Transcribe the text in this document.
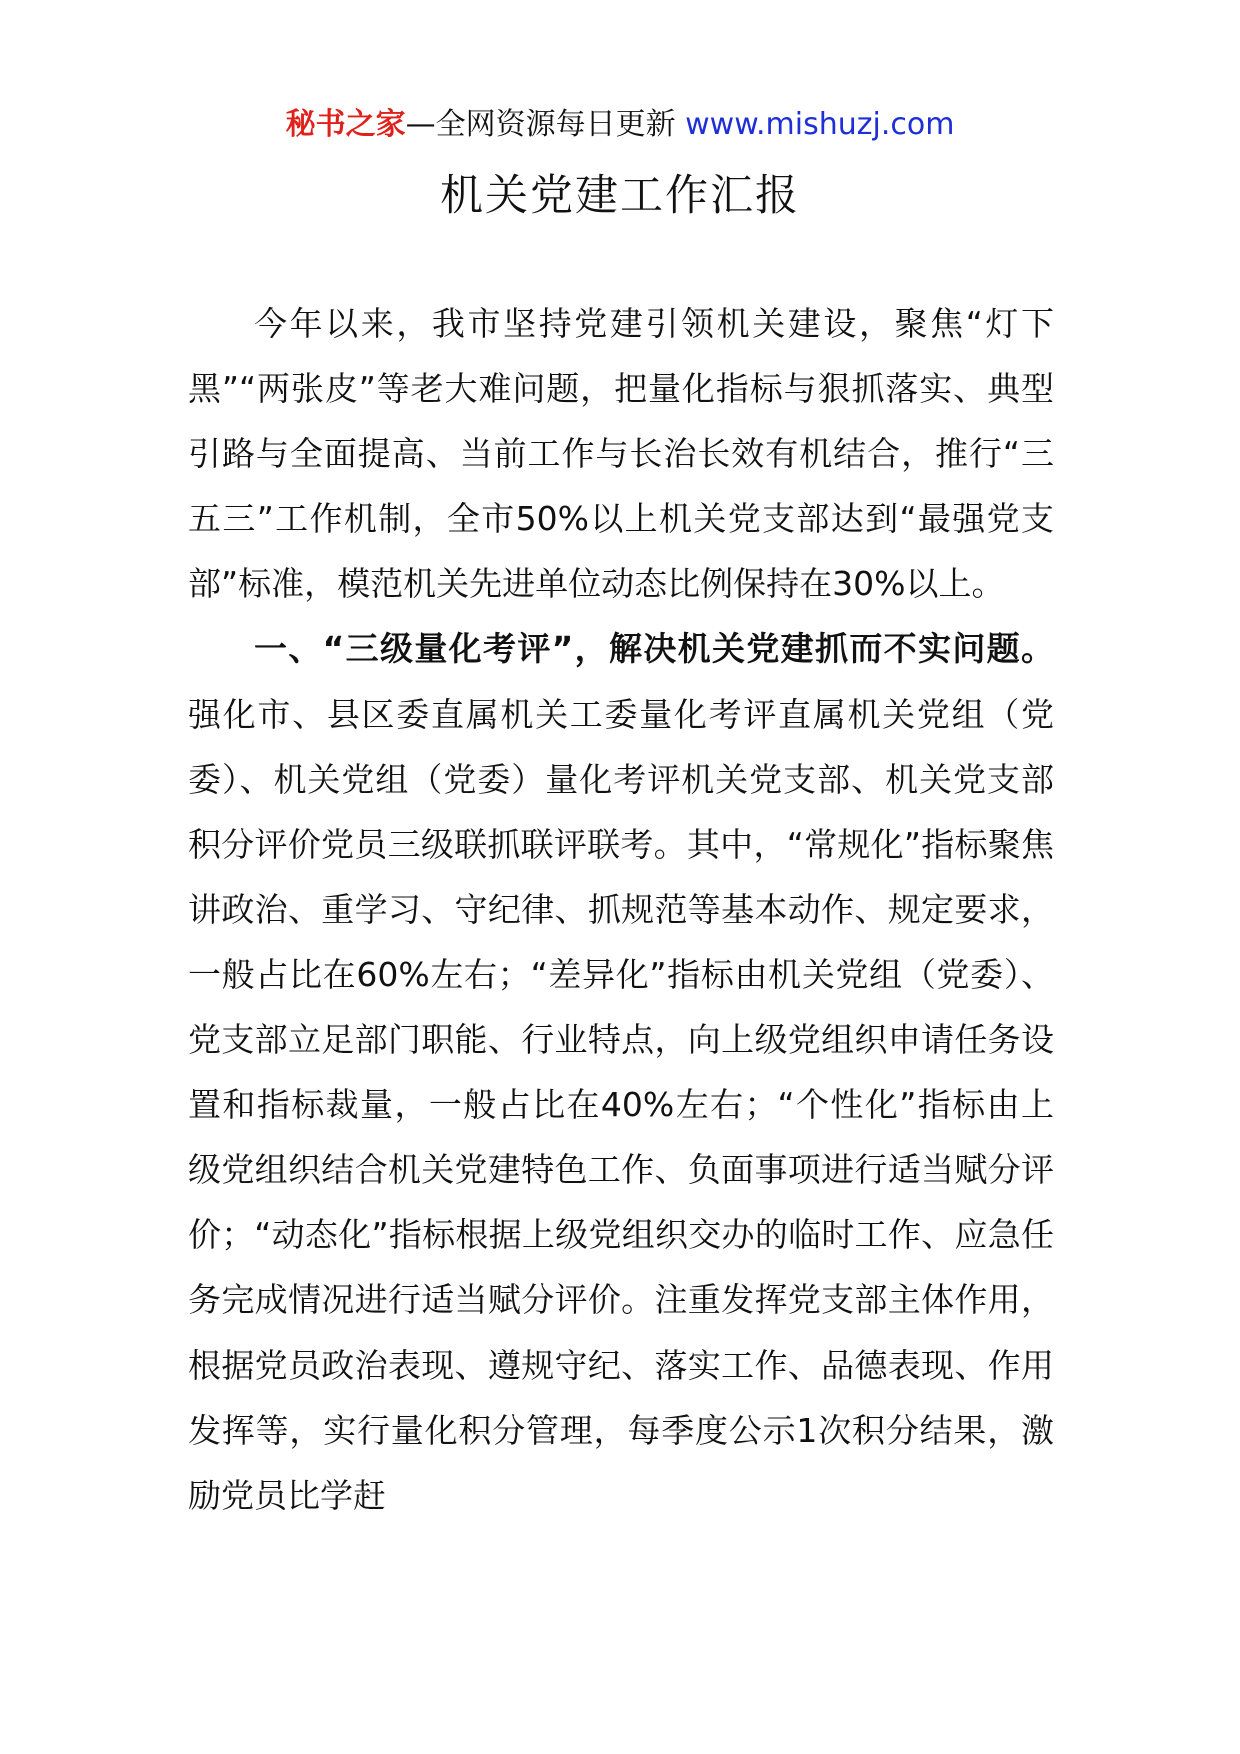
秘书之家—全网资源每日更新 www.mishuzj.com
机关党建工作汇报

今年以来，我市坚持党建引领机关建设，聚焦“灯下黑”“两张皮”等老大难问题，把量化指标与狠抓落实、典型引路与全面提高、当前工作与长治长效有机结合，推行“三五三”工作机制，全市50%以上机关党支部达到“最强党支部”标准，模范机关先进单位动态比例保持在30%以上。

一、“三级量化考评”，解决机关党建抓而不实问题。强化市、县区委直属机关工委量化考评直属机关党组（党委）、机关党组（党委）量化考评机关党支部、机关党支部积分评价党员三级联抓联评联考。其中，“常规化”指标聚焦讲政治、重学习、守纪律、抓规范等基本动作、规定要求，一般占比在60%左右；“差异化”指标由机关党组（党委）、党支部立足部门职能、行业特点，向上级党组织申请任务设置和指标裁量，一般占比在40%左右；“个性化”指标由上级党组织结合机关党建特色工作、负面事项进行适当赋分评价；“动态化”指标根据上级党组织交办的临时工作、应急任务完成情况进行适当赋分评价。注重发挥党支部主体作用，根据党员政治表现、遵规守纪、落实工作、品德表现、作用发挥等，实行量化积分管理，每季度公示1次积分结果，激励党员比学赶
